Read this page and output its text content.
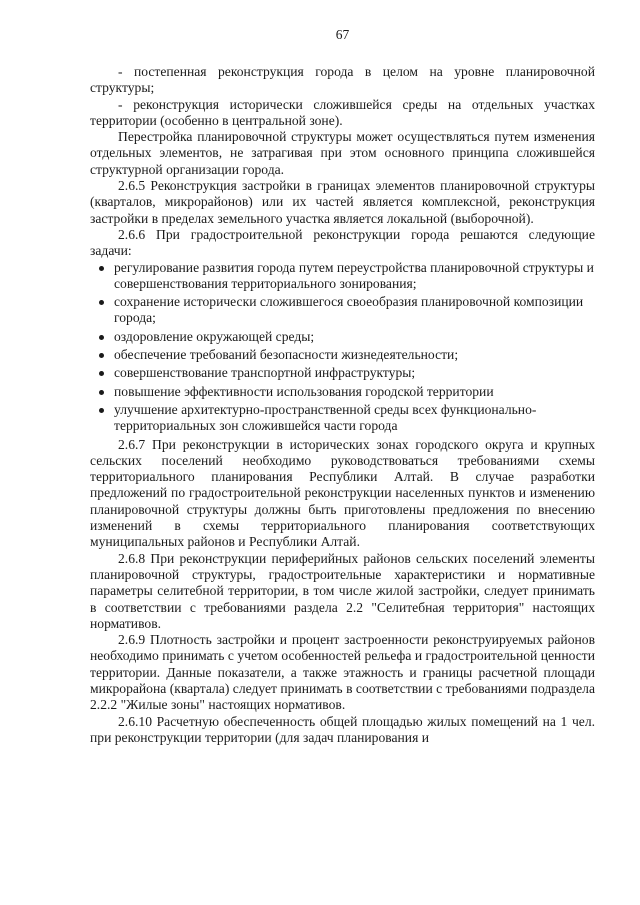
67

- постепенная реконструкция города в целом на уровне планировочной структуры;

- реконструкция исторически сложившейся среды на отдельных участках территории (особенно в центральной зоне).

Перестройка планировочной структуры может осуществляться путем изменения отдельных элементов, не затрагивая при этом основного принципа сложившейся структурной организации города.

2.6.5 Реконструкция застройки в границах элементов планировочной структуры (кварталов, микрорайонов) или их частей является комплексной, реконструкция застройки в пределах земельного участка является локальной (выборочной).

2.6.6 При градостроительной реконструкции города решаются следующие задачи:

регулирование развития города путем переустройства планировочной структуры и совершенствования территориального зонирования;
сохранение исторически сложившегося своеобразия планировочной композиции города;
оздоровление окружающей среды;
обеспечение требований безопасности жизнедеятельности;
совершенствование транспортной инфраструктуры;
повышение эффективности использования городской территории
улучшение архитектурно-пространственной среды всех функционально-территориальных зон сложившейся части города

2.6.7 При реконструкции в исторических зонах городского округа и крупных сельских поселений необходимо руководствоваться требованиями схемы территориального планирования Республики Алтай. В случае разработки предложений по градостроительной реконструкции населенных пунктов и изменению планировочной структуры должны быть приготовлены предложения по внесению изменений в схемы территориального планирования соответствующих муниципальных районов и Республики Алтай.

2.6.8 При реконструкции периферийных районов сельских поселений элементы планировочной структуры, градостроительные характеристики и нормативные параметры селитебной территории, в том числе жилой застройки, следует принимать в соответствии с требованиями раздела 2.2 "Селитебная территория" настоящих нормативов.

2.6.9 Плотность застройки и процент застроенности реконструируемых районов необходимо принимать с учетом особенностей рельефа и градостроительной ценности территории. Данные показатели, а также этажность и границы расчетной площади микрорайона (квартала) следует принимать в соответствии с требованиями подраздела 2.2.2 "Жилые зоны" настоящих нормативов.

2.6.10 Расчетную обеспеченность общей площадью жилых помещений на 1 чел. при реконструкции территории (для задач планирования и
